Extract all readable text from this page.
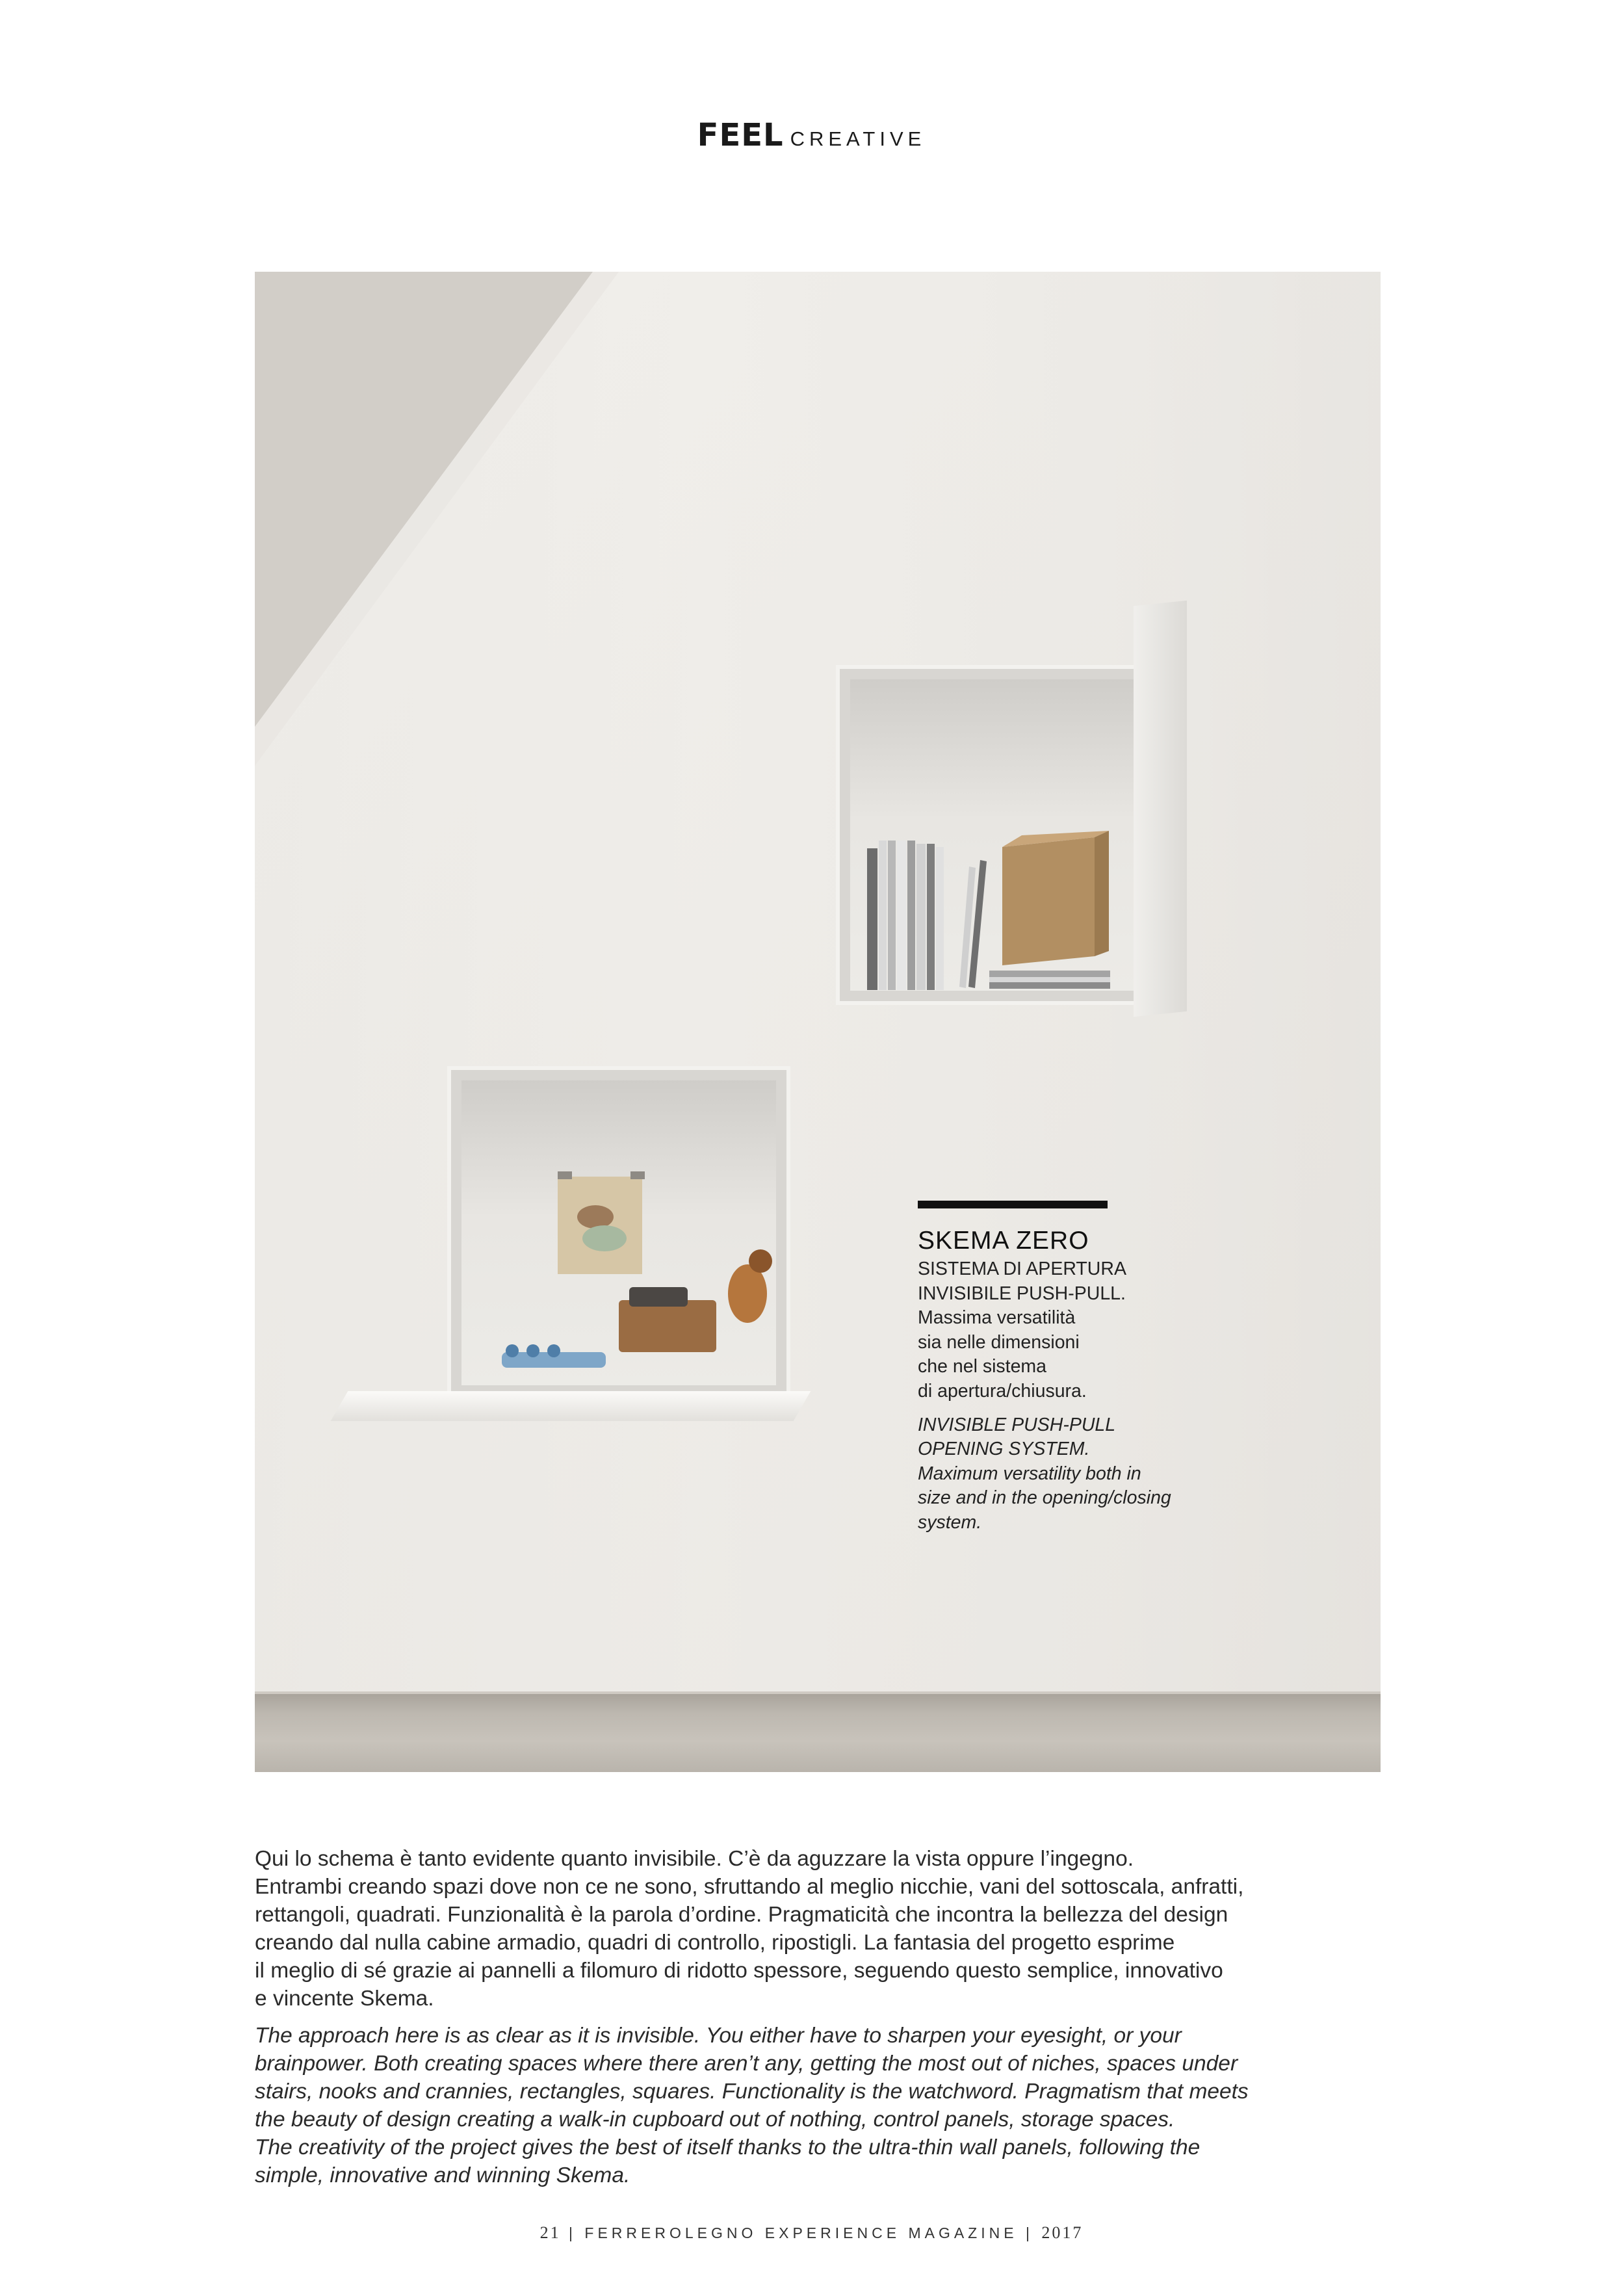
FEEL CREATIVE
SKEMA ZERO
SISTEMA DI APERTURA
INVISIBILE PUSH-PULL.
Massima versatilità
sia nelle dimensioni
che nel sistema
di apertura/chiusura.
INVISIBLE PUSH-PULL
OPENING SYSTEM.
Maximum versatility both in
size and in the opening/closing
system.
Qui lo schema è tanto evidente quanto invisibile. C’è da aguzzare la vista oppure l’ingegno.
Entrambi creando spazi dove non ce ne sono, sfruttando al meglio nicchie, vani del sottoscala, anfratti,
rettangoli, quadrati. Funzionalità è la parola d’ordine. Pragmaticità che incontra la bellezza del design
creando dal nulla cabine armadio, quadri di controllo, ripostigli. La fantasia del progetto esprime
il meglio di sé grazie ai pannelli a filomuro di ridotto spessore, seguendo questo semplice, innovativo
e vincente Skema.
The approach here is as clear as it is invisible. You either have to sharpen your eyesight, or your
brainpower. Both creating spaces where there aren’t any, getting the most out of niches, spaces under
stairs, nooks and crannies, rectangles, squares. Functionality is the watchword. Pragmatism that meets
the beauty of design creating a walk-in cupboard out of nothing, control panels, storage spaces.
The creativity of the project gives the best of itself thanks to the ultra-thin wall panels, following the
simple, innovative and winning Skema.
21 | FERREROLEGNO EXPERIENCE MAGAZINE | 2017
